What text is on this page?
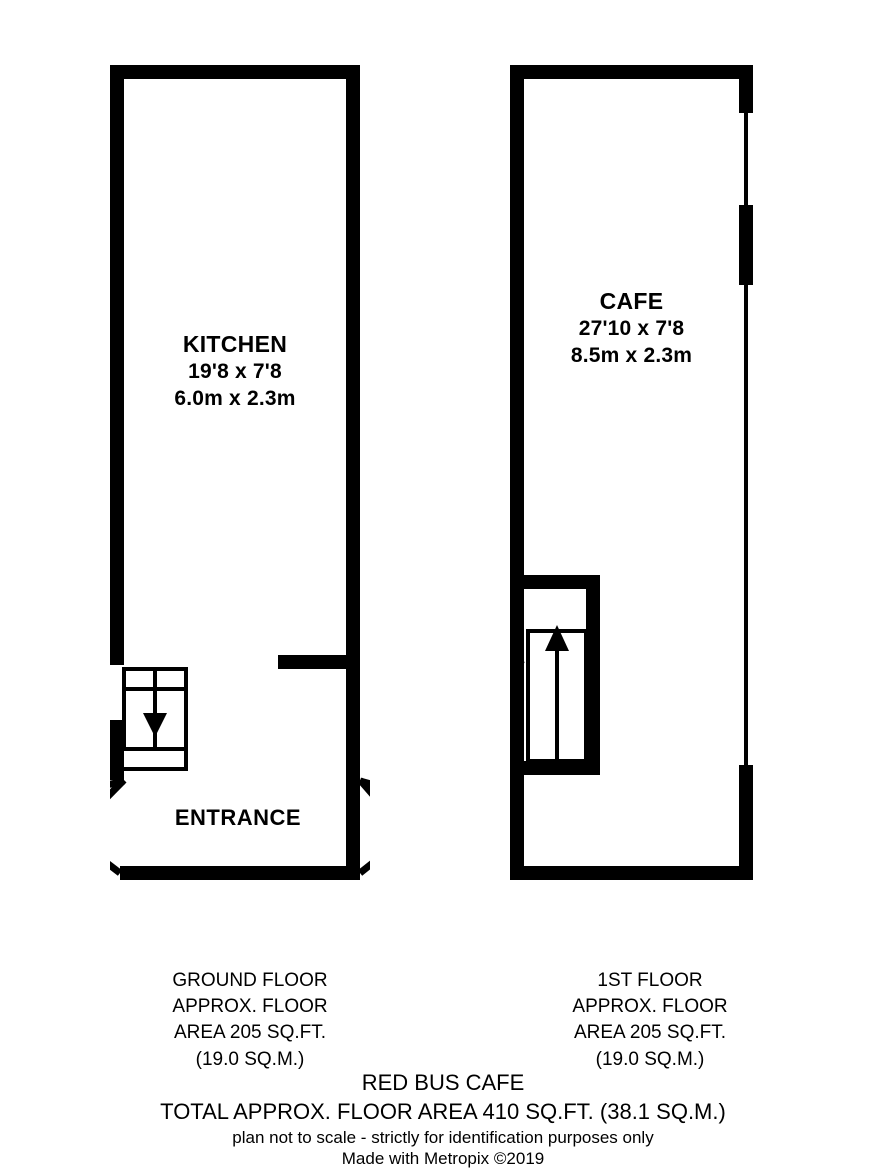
KITCHEN
19'8 x 7'8
6.0m x 2.3m
ENTRANCE
CAFE
27'10 x 7'8
8.5m x 2.3m
GROUND FLOOR
APPROX. FLOOR
AREA 205 SQ.FT.
(19.0 SQ.M.)
1ST FLOOR
APPROX. FLOOR
AREA 205 SQ.FT.
(19.0 SQ.M.)
RED BUS CAFE
TOTAL APPROX. FLOOR AREA 410 SQ.FT. (38.1 SQ.M.)
plan not to scale - strictly for identification purposes only
Made with Metropix ©2019
